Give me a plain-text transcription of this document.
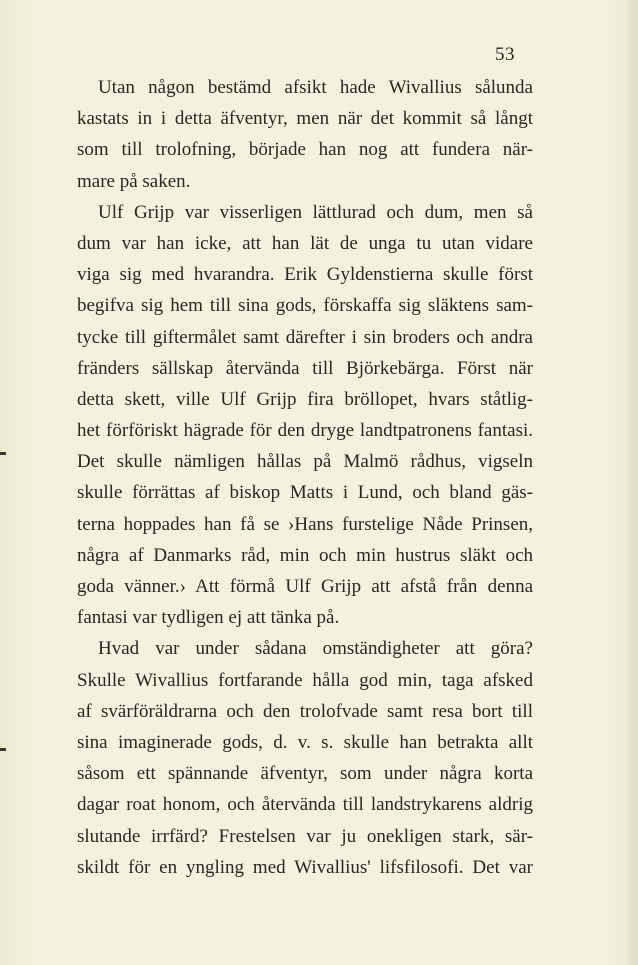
53
Utan någon bestämd afsikt hade Wivallius sålunda
kastats in i detta äfventyr, men när det kommit så långt
som till trolofning, började han nog att fundera när-
mare på saken.
Ulf Grijp var visserligen lättlurad och dum, men så
dum var han icke, att han lät de unga tu utan vidare
viga sig med hvarandra. Erik Gyldenstierna skulle först
begifva sig hem till sina gods, förskaffa sig släktens sam-
tycke till giftermålet samt därefter i sin broders och andra
fränders sällskap återvända till Björkebärga. Först när
detta skett, ville Ulf Grijp fira bröllopet, hvars ståtlig-
het förföriskt hägrade för den dryge landtpatronens fantasi.
Det skulle nämligen hållas på Malmö rådhus, vigseln
skulle förrättas af biskop Matts i Lund, och bland gäs-
terna hoppades han få se ›Hans furstelige Nåde Prinsen,
några af Danmarks råd, min och min hustrus släkt och
goda vänner.› Att förmå Ulf Grijp att afstå från denna
fantasi var tydligen ej att tänka på.
Hvad var under sådana omständigheter att göra?
Skulle Wivallius fortfarande hålla god min, taga afsked
af svärföräldrarna och den trolofvade samt resa bort till
sina imaginerade gods, d. v. s. skulle han betrakta allt
såsom ett spännande äfventyr, som under några korta
dagar roat honom, och återvända till landstrykarens aldrig
slutande irrfärd? Frestelsen var ju onekligen stark, sär-
skildt för en yngling med Wivallius' lifsfilosofi. Det var
